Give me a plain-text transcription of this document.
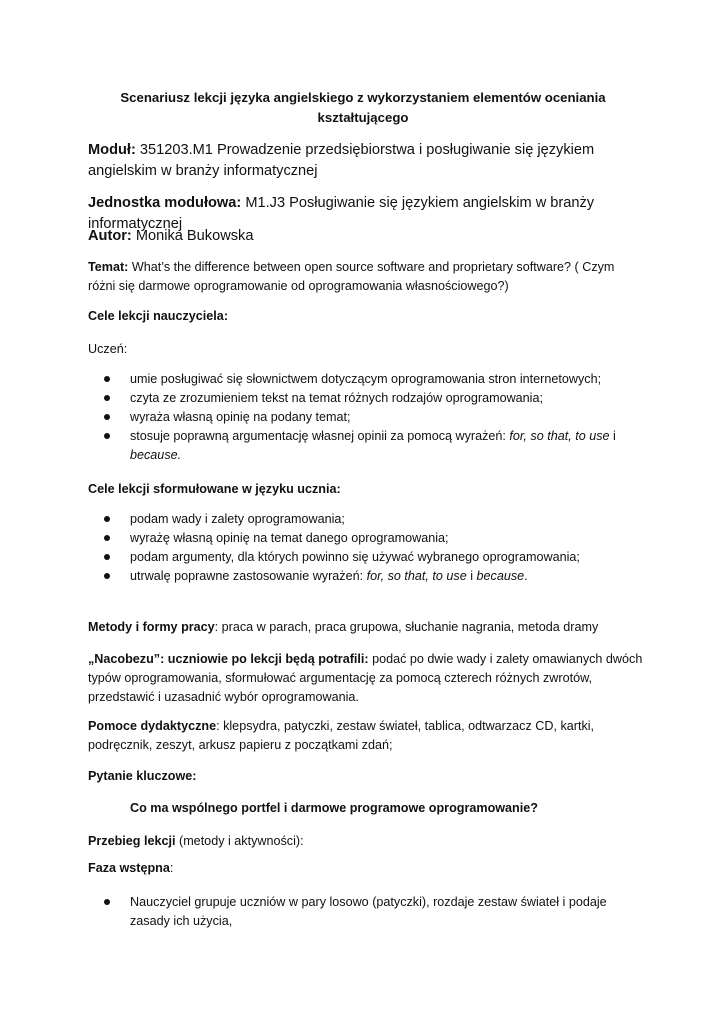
Scenariusz lekcji języka angielskiego z wykorzystaniem elementów oceniania kształtującego
Moduł: 351203.M1 Prowadzenie przedsiębiorstwa i posługiwanie się językiem angielskim w branży informatycznej
Jednostka modułowa: M1.J3 Posługiwanie się językiem angielskim w branży informatycznej
Autor: Monika Bukowska
Temat: What’s the difference between open source software and proprietary software? ( Czym różni się darmowe oprogramowanie od oprogramowania własnościowego?)
Cele lekcji nauczyciela:
Uczeń:
umie posługiwać się słownictwem dotyczącym oprogramowania stron internetowych;
czyta ze zrozumieniem tekst na temat różnych rodzajów oprogramowania;
wyraża własną opinię na podany temat;
stosuje poprawną argumentację własnej opinii za pomocą wyrażeń: for, so that, to use i
because.
Cele lekcji sformułowane w języku ucznia:
podam wady i zalety oprogramowania;
wyrażę własną opinię na temat danego oprogramowania;
podam argumenty, dla których powinno się używać wybranego oprogramowania;
utrwalę poprawne zastosowanie wyrażeń: for, so that, to use i because.
Metody i formy pracy: praca w parach, praca grupowa, słuchanie nagrania, metoda dramy
„Nacobezu”: uczniowie po lekcji będą potrafili: podać po dwie wady i zalety omawianych dwóch typów oprogramowania, sformułować argumentację za pomocą czterech różnych zwrotów, przedstawić i uzasadnić wybór oprogramowania.
Pomoce dydaktyczne: klepsydra, patyczki, zestaw świateł, tablica, odtwarzacz CD, kartki, podręcznik, zeszyt, arkusz papieru z początkami zdań;
Pytanie kluczowe:
Co ma wspólnego portfel i darmowe programowe oprogramowanie?
Przebieg lekcji (metody i aktywności):
Faza wstępna:
Nauczyciel grupuje uczniów w pary losowo (patyczki), rozdaje zestaw świateł i podaje zasady ich użycia,
